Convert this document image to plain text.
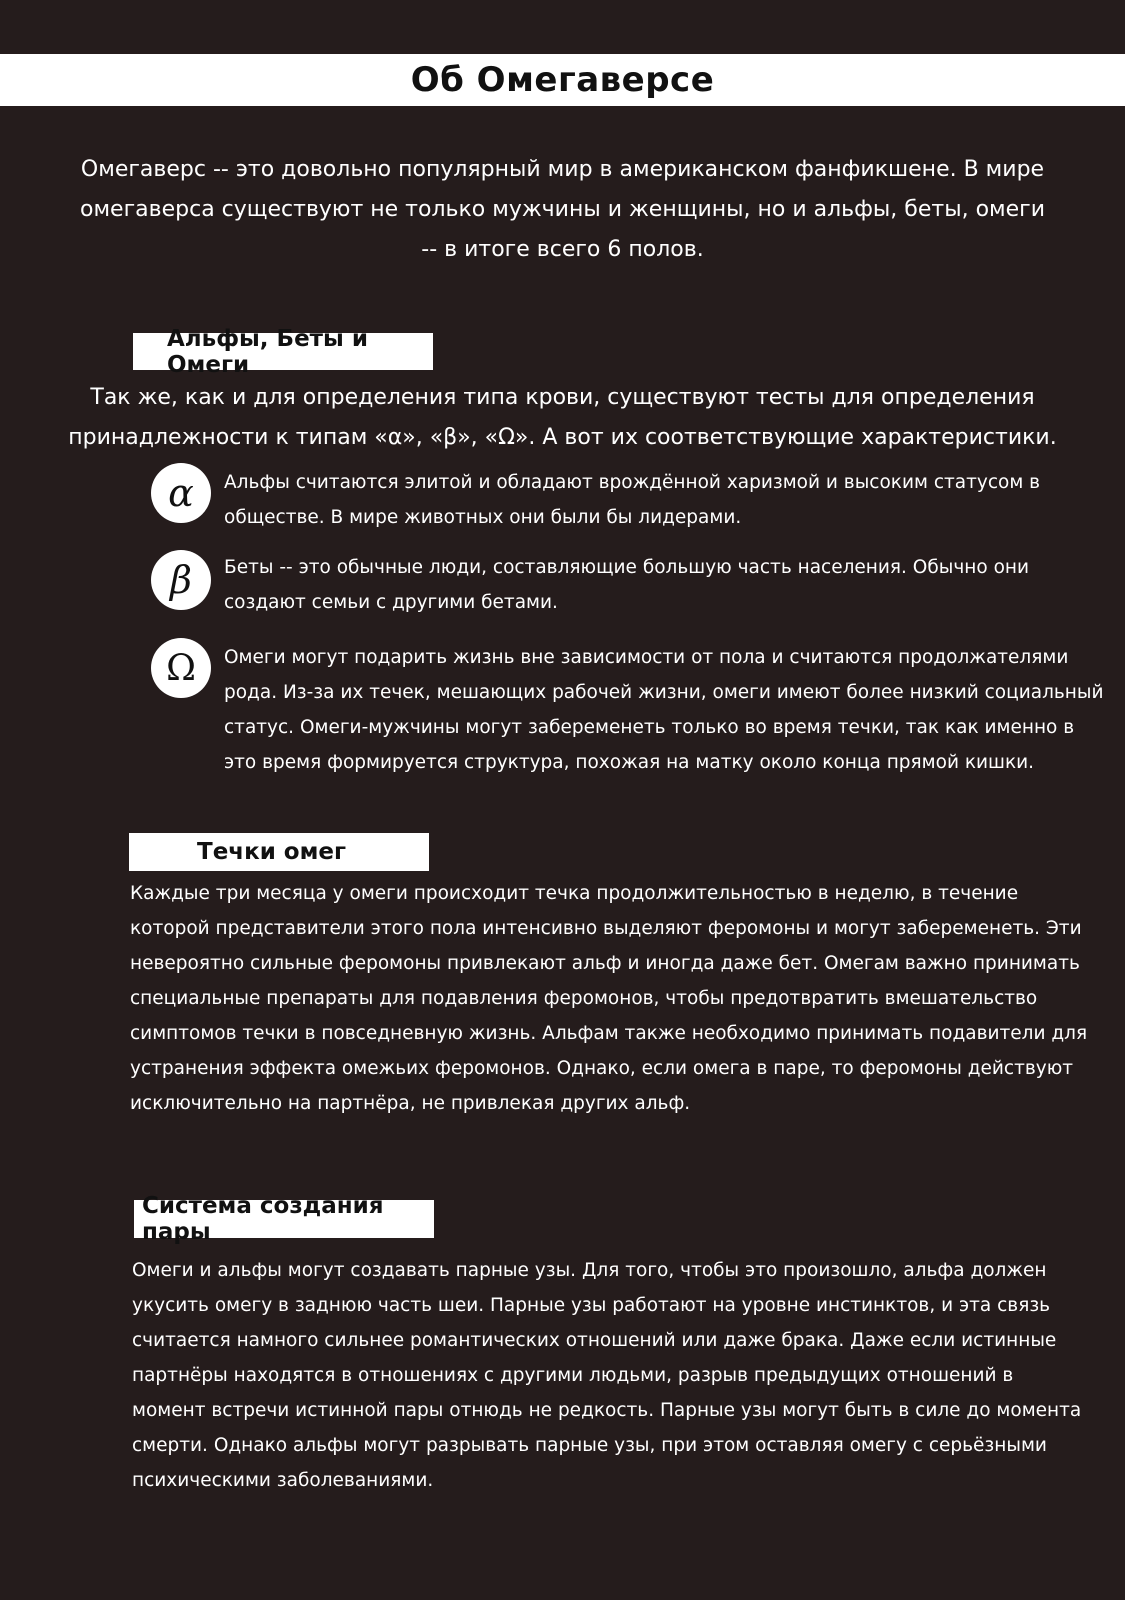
Об Омегаверсе
Омегаверс -- это довольно популярный мир в американском фанфикшене. В мире омегаверса существуют не только мужчины и женщины, но и альфы, беты, омеги -- в итоге всего 6 полов.
Альфы, Беты и Омеги
Так же, как и для определения типа крови, существуют тесты для определения принадлежности к типам «α», «β», «Ω». А вот их соответствующие характеристики.
α	Альфы считаются элитой и обладают врождённой харизмой и высоким статусом в обществе. В мире животных они были бы лидерами.
β	Беты -- это обычные люди, составляющие большую часть населения. Обычно они создают семьи с другими бетами.
Ω	Омеги могут подарить жизнь вне зависимости от пола и считаются продолжателями рода. Из-за их течек, мешающих рабочей жизни, омеги имеют более низкий социальный статус. Омеги-мужчины могут забеременеть только во время течки, так как именно в это время формируется структура, похожая на матку около конца прямой кишки.
Течки омег
Каждые три месяца у омеги происходит течка продолжительностью в неделю, в течение которой представители этого пола интенсивно выделяют феромоны и могут забеременеть. Эти невероятно сильные феромоны привлекают альф и иногда даже бет. Омегам важно принимать специальные препараты для подавления феромонов, чтобы предотвратить вмешательство симптомов течки в повседневную жизнь. Альфам также необходимо принимать подавители для устранения эффекта омежьих феромонов. Однако, если омега в паре, то феромоны действуют исключительно на партнёра, не привлекая других альф.
Система создания пары
Омеги и альфы могут создавать парные узы. Для того, чтобы это произошло, альфа должен укусить омегу в заднюю часть шеи. Парные узы работают на уровне инстинктов, и эта связь считается намного сильнее романтических отношений или даже брака. Даже если истинные партнёры находятся в отношениях с другими людьми, разрыв предыдущих отношений в момент встречи истинной пары отнюдь не редкость. Парные узы могут быть в силе до момента смерти. Однако альфы могут разрывать парные узы, при этом оставляя омегу с серьёзными психическими заболеваниями.
